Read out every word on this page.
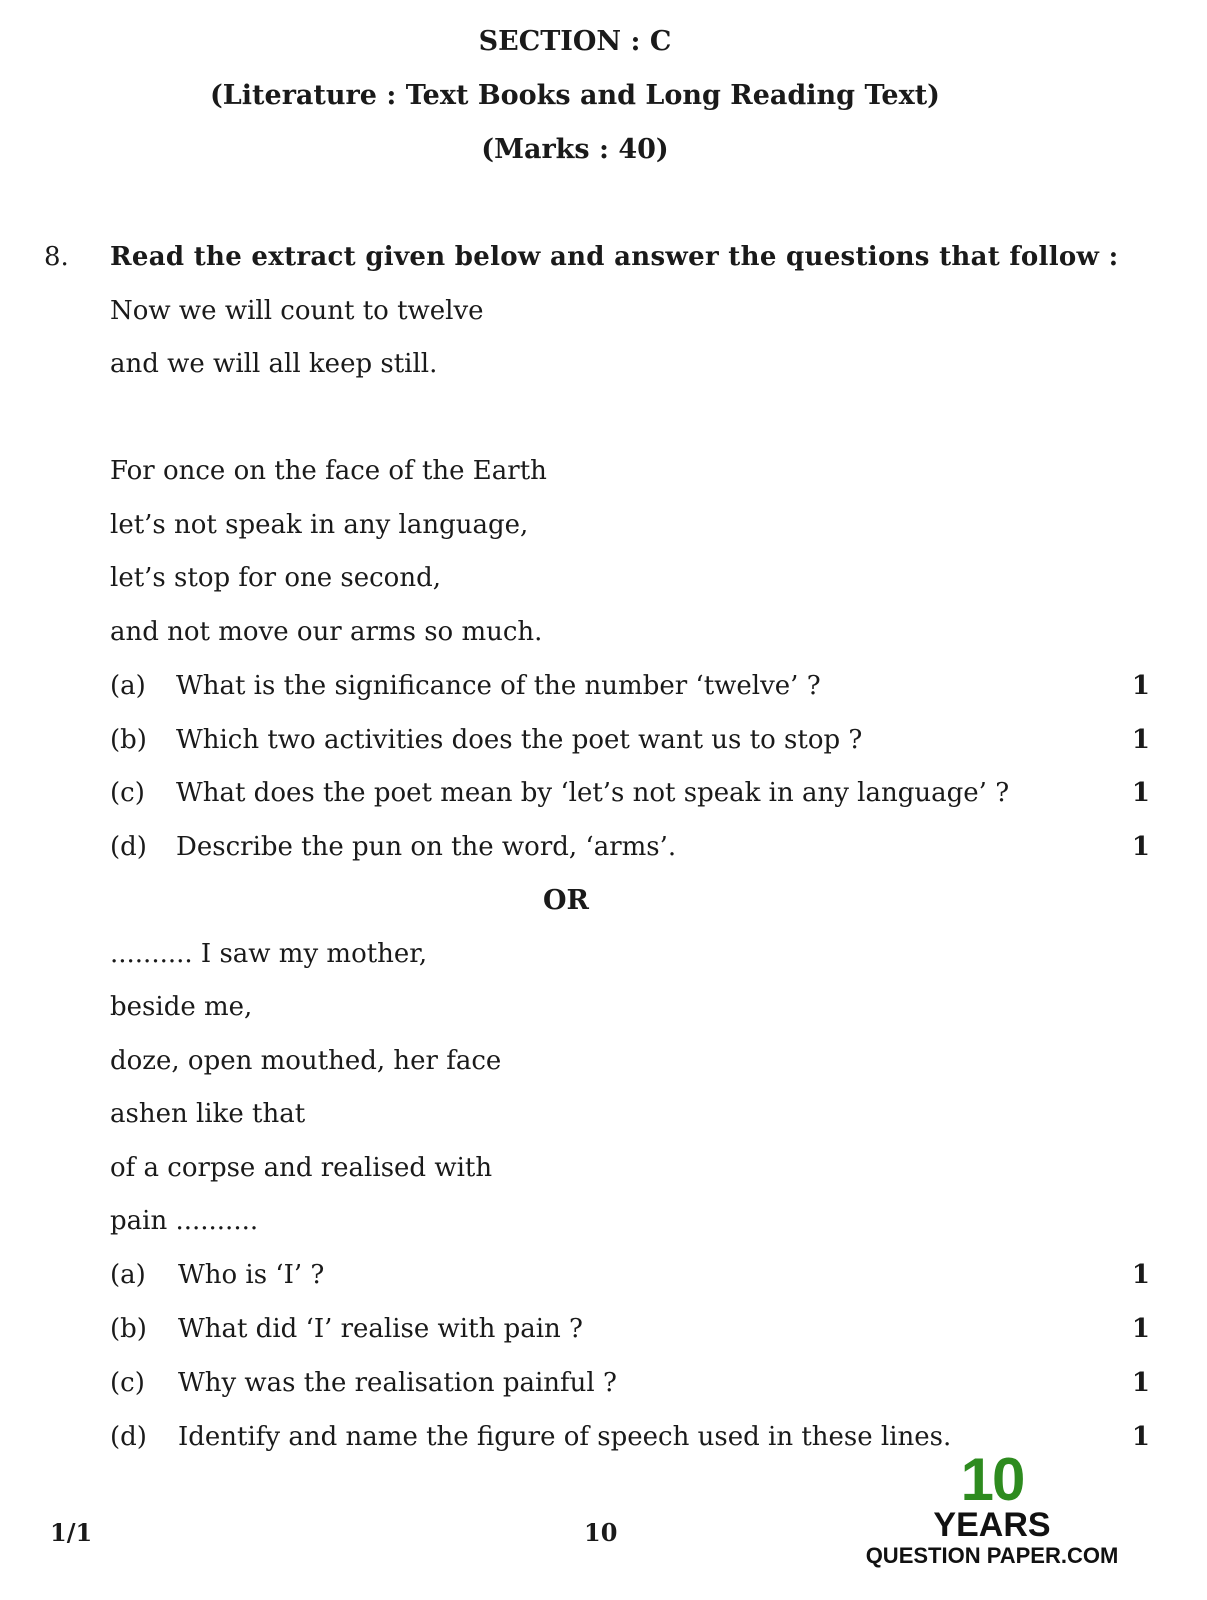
SECTION : C
(Literature : Text Books and Long Reading Text)
(Marks : 40)
8. Read the extract given below and answer the questions that follow :
Now we will count to twelve
and we will all keep still.
For once on the face of the Earth
let’s not speak in any language,
let’s stop for one second,
and not move our arms so much.
(a) What is the significance of the number ‘twelve’ ?	1
(b) Which two activities does the poet want us to stop ?	1
(c) What does the poet mean by ‘let’s not speak in any language’ ?	1
(d) Describe the pun on the word, ‘arms’.	1
OR
.......... I saw my mother,
beside me,
doze, open mouthed, her face
ashen like that
of a corpse and realised with
pain ..........
(a) Who is ‘I’ ?	1
(b) What did ‘I’ realise with pain ?	1
(c) Why was the realisation painful ?	1
(d) Identify and name the figure of speech used in these lines.	1
1/1	10
10
YEARS
QUESTION PAPER.COM
